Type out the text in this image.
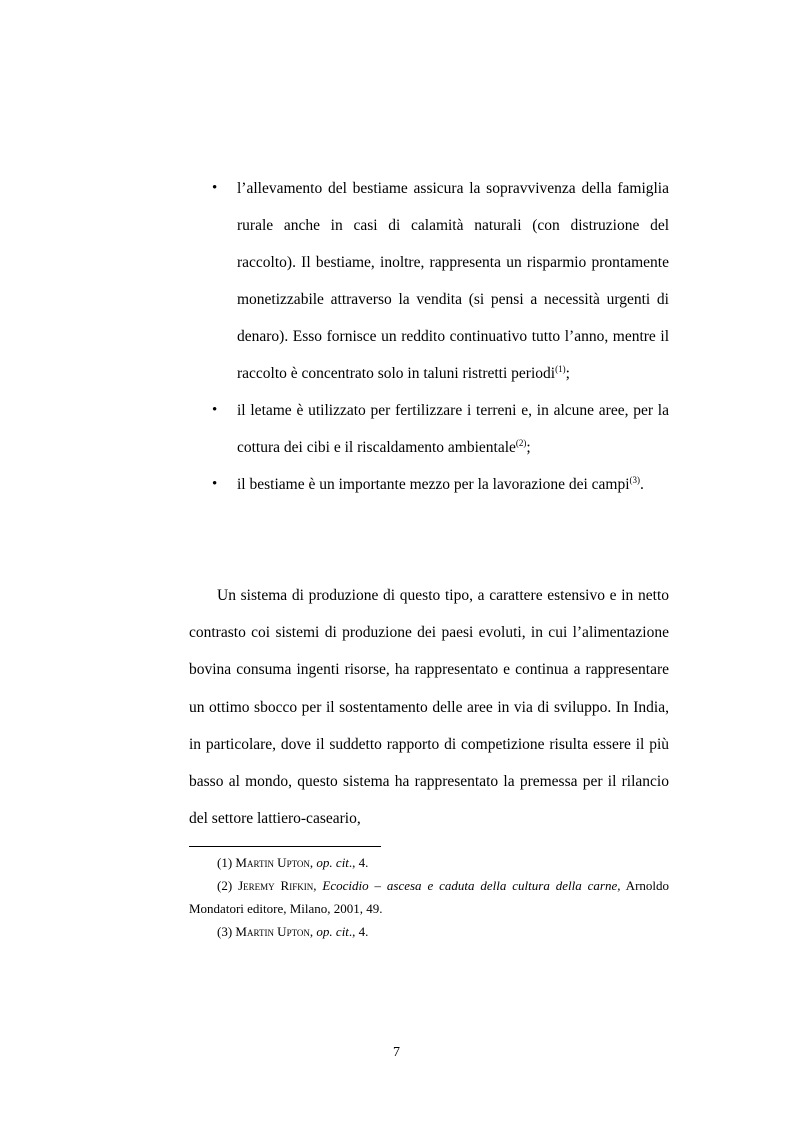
• l’allevamento del bestiame assicura la sopravvivenza della famiglia rurale anche in casi di calamità naturali (con distruzione del raccolto). Il bestiame, inoltre, rappresenta un risparmio prontamente monetizzabile attraverso la vendita (si pensi a necessità urgenti di denaro). Esso fornisce un reddito continuativo tutto l’anno, mentre il raccolto è concentrato solo in taluni ristretti periodi$^{(1)}$;

• il letame è utilizzato per fertilizzare i terreni e, in alcune aree, per la cottura dei cibi e il riscaldamento ambientale$^{(2)}$;

• il bestiame è un importante mezzo per la lavorazione dei campi$^{(3)}$.

Un sistema di produzione di questo tipo, a carattere estensivo e in netto contrasto coi sistemi di produzione dei paesi evoluti, in cui l’alimentazione bovina consuma ingenti risorse, ha rappresentato e continua a rappresentare un ottimo sbocco per il sostentamento delle aree in via di sviluppo. In India, in particolare, dove il suddetto rapporto di competizione risulta essere il più basso al mondo, questo sistema ha rappresentato la premessa per il rilancio del settore lattiero-caseario,

(1) Martin Upton, op. cit., 4.

(2) Jeremy Rifkin, Ecocidio – ascesa e caduta della cultura della carne, Arnoldo Mondatori editore, Milano, 2001, 49.

(3) Martin Upton, op. cit., 4.

7
